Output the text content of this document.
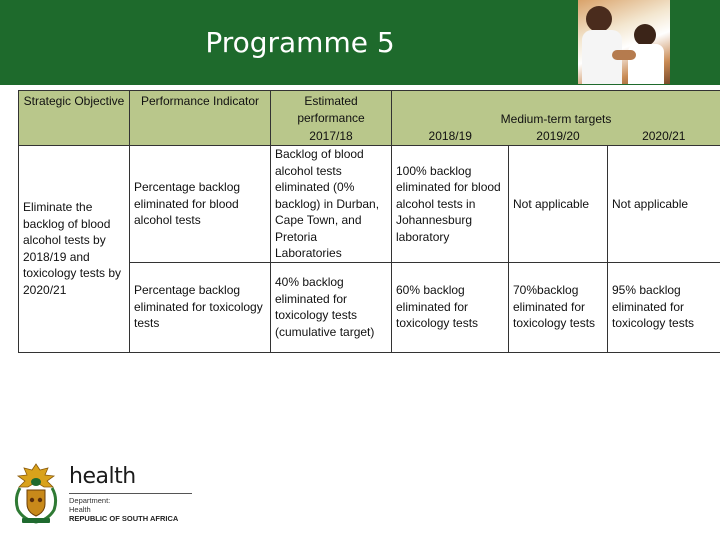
Programme 5
Strategic Objective	Performance Indicator	Estimated performance	Medium-term targets		

		2017/18	2018/19	2019/20	2020/21
Eliminate the backlog of blood alcohol tests by 2018/19 and toxicology tests by 2020/21	Percentage backlog eliminated for blood alcohol tests	Backlog of blood alcohol tests eliminated (0% backlog) in Durban, Cape Town, and Pretoria Laboratories	100% backlog eliminated for blood alcohol tests in Johannesburg laboratory	Not applicable	Not applicable
	Percentage backlog eliminated for toxicology tests	40% backlog eliminated for toxicology tests (cumulative target)	60% backlog eliminated for toxicology tests	70%backlog eliminated for toxicology tests	95% backlog eliminated for toxicology tests
health
Department:
Health
REPUBLIC OF SOUTH AFRICA
